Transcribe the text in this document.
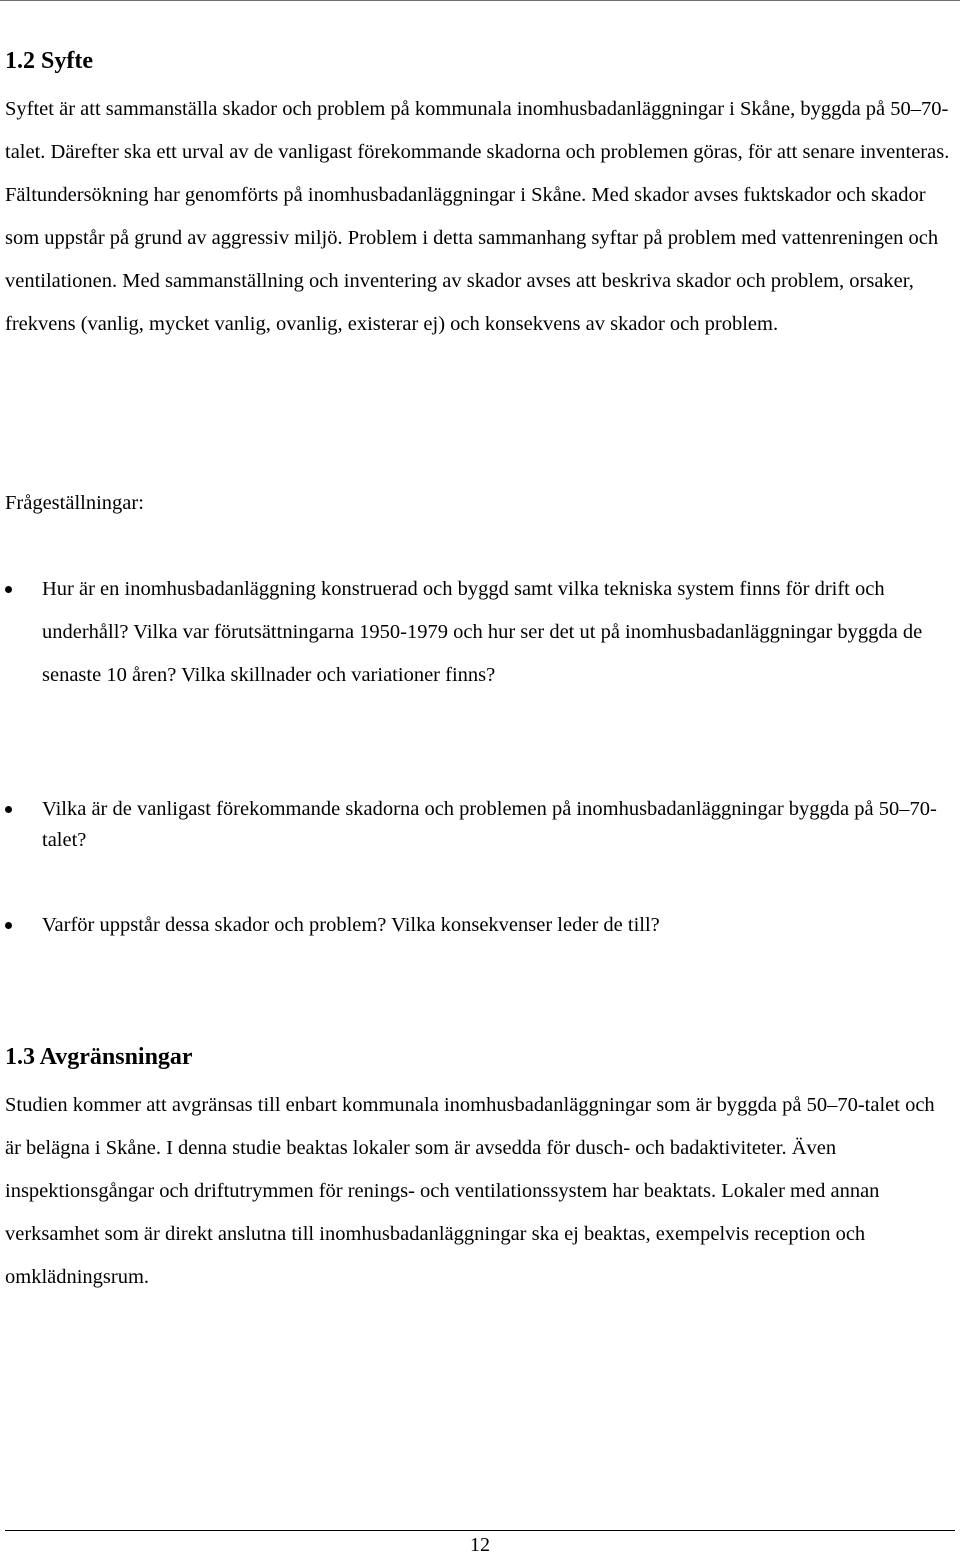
1.2 Syfte

Syftet är att sammanställa skador och problem på kommunala inomhusbadanläggningar i Skåne, byggda på 50–70-talet. Därefter ska ett urval av de vanligast förekommande skadorna och problemen göras, för att senare inventeras. Fältundersökning har genomförts på inomhusbadanläggningar i Skåne. Med skador avses fuktskador och skador som uppstår på grund av aggressiv miljö. Problem i detta sammanhang syftar på problem med vattenreningen och ventilationen. Med sammanställning och inventering av skador avses att beskriva skador och problem, orsaker, frekvens (vanlig, mycket vanlig, ovanlig, existerar ej) och konsekvens av skador och problem.

Frågeställningar:

Hur är en inomhusbadanläggning konstruerad och byggd samt vilka tekniska system finns för drift och underhåll? Vilka var förutsättningarna 1950-1979 och hur ser det ut på inomhusbadanläggningar byggda de senaste 10 åren? Vilka skillnader och variationer finns?
Vilka är de vanligast förekommande skadorna och problemen på inomhusbadanläggningar byggda på 50–70-talet?
Varför uppstår dessa skador och problem? Vilka konsekvenser leder de till?
1.3 Avgränsningar

Studien kommer att avgränsas till enbart kommunala inomhusbadanläggningar som är byggda på 50–70-talet och är belägna i Skåne. I denna studie beaktas lokaler som är avsedda för dusch- och badaktiviteter. Även inspektionsgångar och driftutrymmen för renings- och ventilationssystem har beaktats. Lokaler med annan verksamhet som är direkt anslutna till inomhusbadanläggningar ska ej beaktas, exempelvis reception och omklädningsrum.

12
